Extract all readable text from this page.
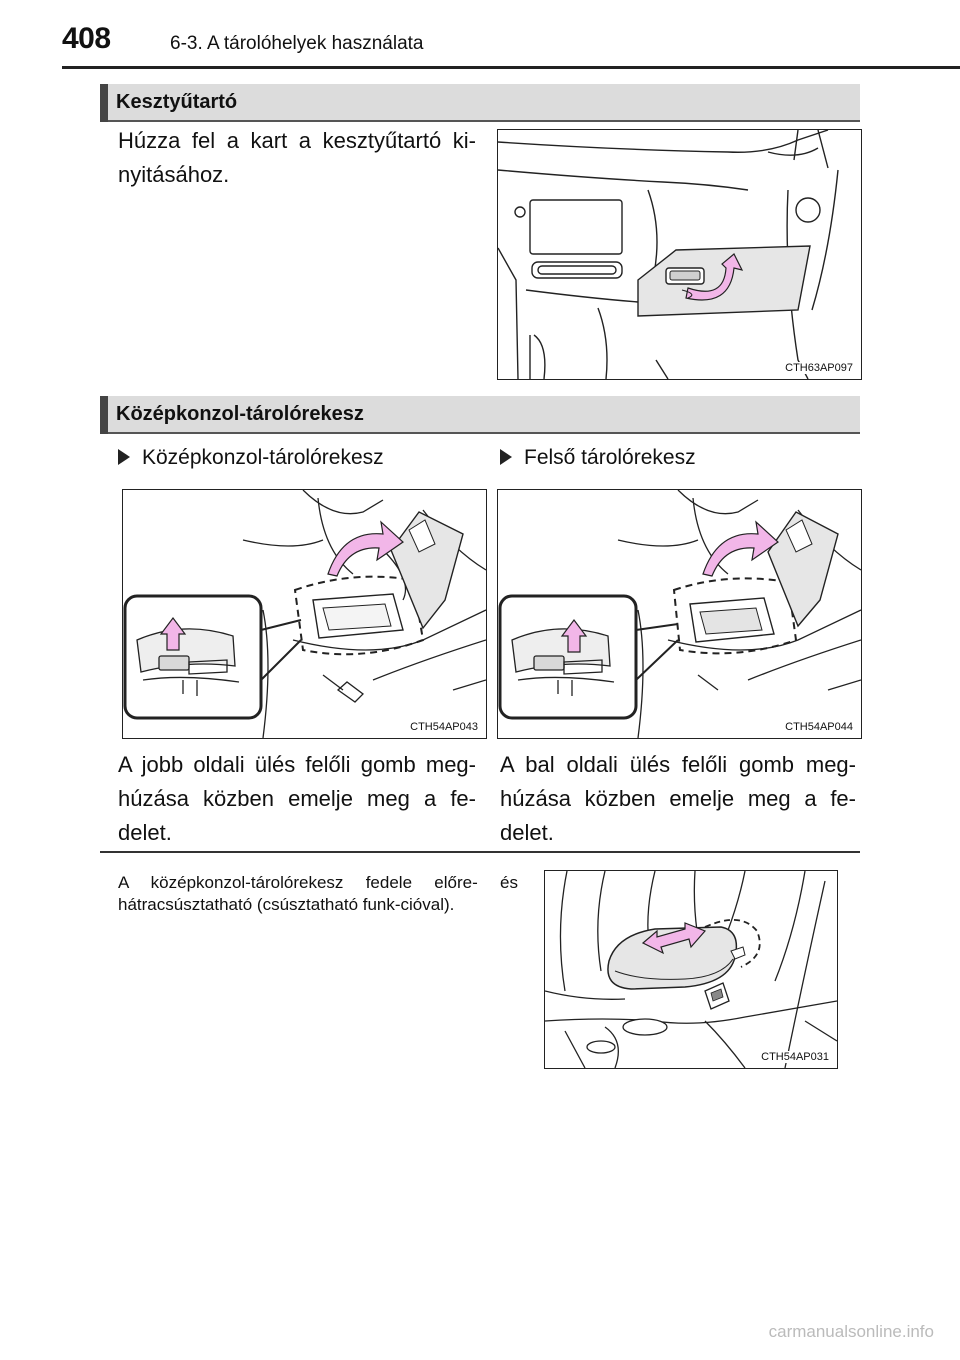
408	6-3. A tárolóhelyek használata
Kesztyűtartó
Húzza fel a kart a kesztyűtartó ki-nyitásához.
CTH63AP097
Középkonzol-tárolórekesz
Középkonzol-tárolórekesz	Felső tárolórekesz
CTH54AP043	CTH54AP044
A jobb oldali ülés felőli gomb meg-húzása közben emelje meg a fe-delet.
A bal oldali ülés felőli gomb meg-húzása közben emelje meg a fe-delet.
A középkonzol-tárolórekesz fedele előre- és hátracsúsztatható (csúsztatható funk-cióval).
CTH54AP031
carmanualsonline.info
